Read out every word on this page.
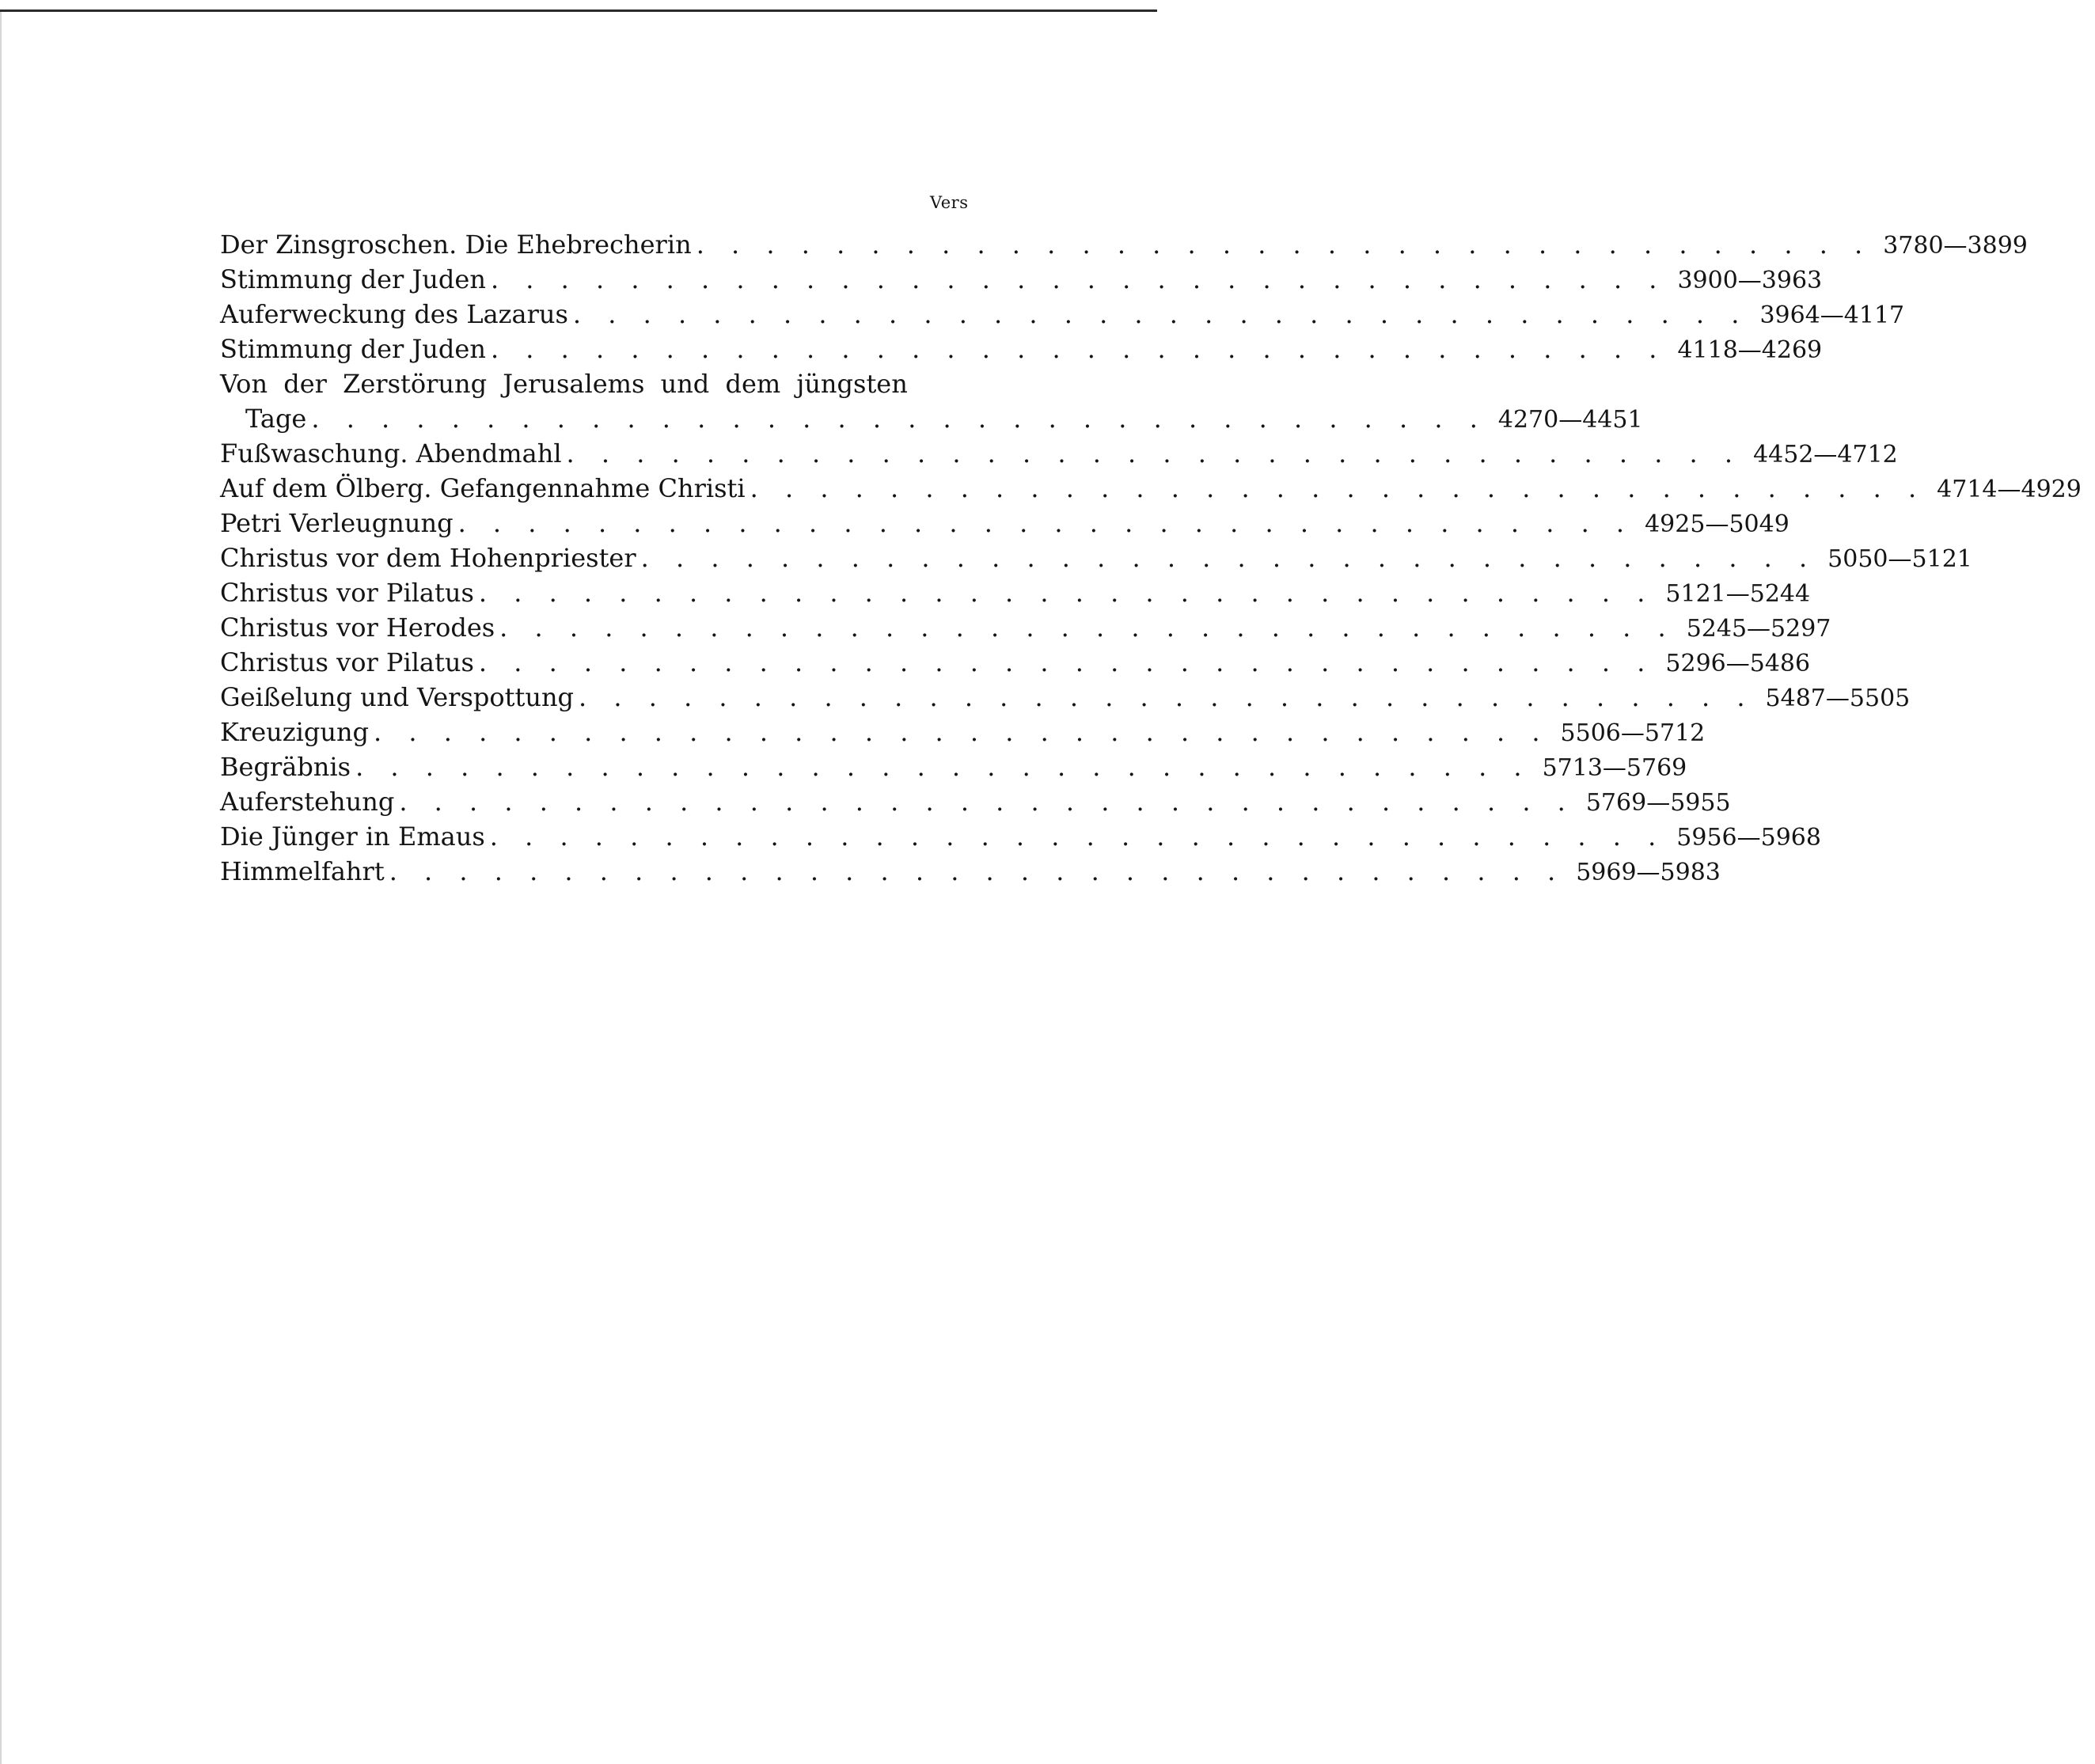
Vers
Der Zinsgroschen. Die Ehebrecherin . . . . . . . . . . . . . . . . . . . . . . . . . . . . . . . . . . 3780—3899
Stimmung der Juden . . . . . . . . . . . . . . . . . . . . . . . . . . . . . . . . . . 3900—3963
Auferweckung des Lazarus . . . . . . . . . . . . . . . . . . . . . . . . . . . . . . . . . . 3964—4117
Stimmung der Juden . . . . . . . . . . . . . . . . . . . . . . . . . . . . . . . . . . 4118—4269
Von der Zerstörung Jerusalems und dem jüngsten
Tage . . . . . . . . . . . . . . . . . . . . . . . . . . . . . . . . . . 4270—4451
Fußwaschung. Abendmahl . . . . . . . . . . . . . . . . . . . . . . . . . . . . . . . . . . 4452—4712
Auf dem Ölberg. Gefangennahme Christi . . . . . . . . . . . . . . . . . . . . . . . . . . . . . . . . . . 4714—4929
Petri Verleugnung . . . . . . . . . . . . . . . . . . . . . . . . . . . . . . . . . . 4925—5049
Christus vor dem Hohenpriester . . . . . . . . . . . . . . . . . . . . . . . . . . . . . . . . . . 5050—5121
Christus vor Pilatus . . . . . . . . . . . . . . . . . . . . . . . . . . . . . . . . . . 5121—5244
Christus vor Herodes . . . . . . . . . . . . . . . . . . . . . . . . . . . . . . . . . . 5245—5297
Christus vor Pilatus . . . . . . . . . . . . . . . . . . . . . . . . . . . . . . . . . . 5296—5486
Geißelung und Verspottung . . . . . . . . . . . . . . . . . . . . . . . . . . . . . . . . . . 5487—5505
Kreuzigung . . . . . . . . . . . . . . . . . . . . . . . . . . . . . . . . . . 5506—5712
Begräbnis . . . . . . . . . . . . . . . . . . . . . . . . . . . . . . . . . . 5713—5769
Auferstehung . . . . . . . . . . . . . . . . . . . . . . . . . . . . . . . . . . 5769—5955
Die Jünger in Emaus . . . . . . . . . . . . . . . . . . . . . . . . . . . . . . . . . . 5956—5968
Himmelfahrt . . . . . . . . . . . . . . . . . . . . . . . . . . . . . . . . . . 5969—5983
